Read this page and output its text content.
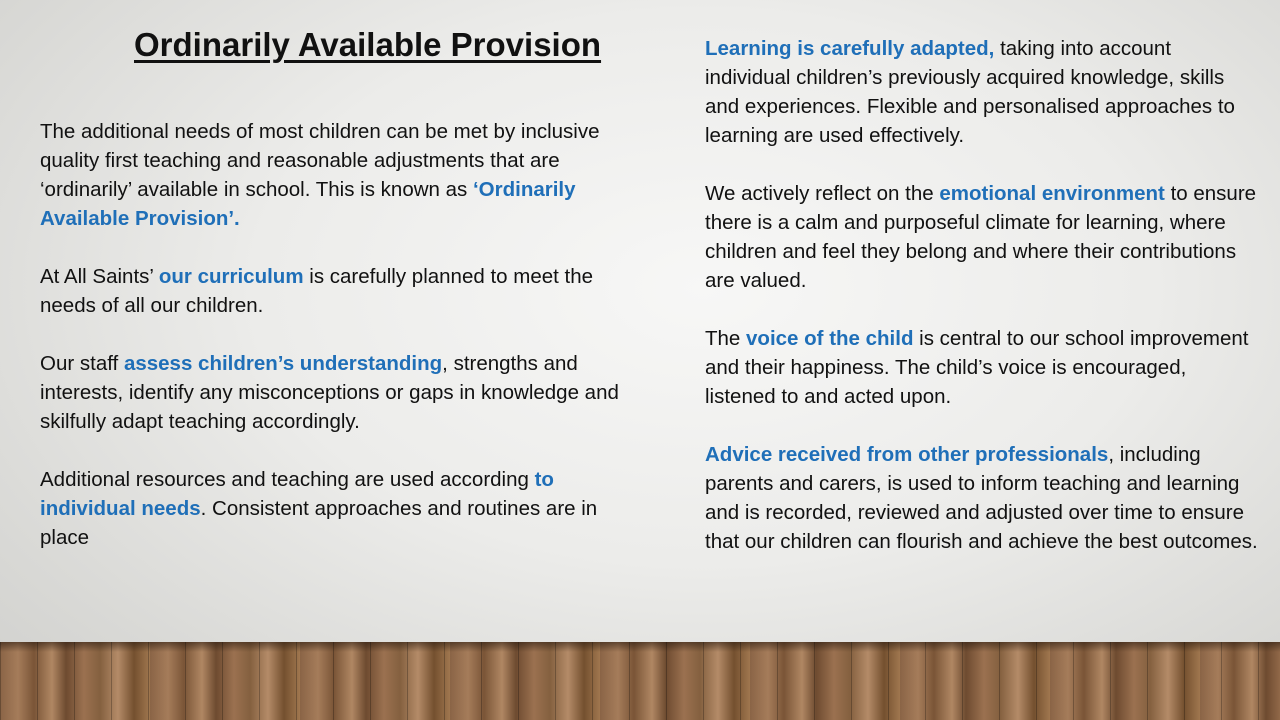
Ordinarily Available Provision

The additional needs of most children can be met by inclusive quality first teaching and reasonable adjustments that are ‘ordinarily’ available in school. This is known as ‘Ordinarily Available Provision’.

At All Saints’ our curriculum is carefully planned to meet the needs of all our children.

Our staff assess children’s understanding, strengths and interests, identify any misconceptions or gaps in knowledge and skilfully adapt teaching accordingly.

Additional resources and teaching are used according to individual needs. Consistent approaches and routines are in place

Learning is carefully adapted, taking into account individual children’s previously acquired knowledge, skills and experiences. Flexible and personalised approaches to learning are used effectively.

We actively reflect on the emotional environment to ensure there is a calm and purposeful climate for learning, where children and feel they belong and where their contributions are valued.

The voice of the child is central to our school improvement and their happiness. The child’s voice is encouraged, listened to and acted upon.

Advice received from other professionals, including parents and carers, is used to inform teaching and learning and is recorded, reviewed and adjusted over time to ensure that our children can flourish and achieve the best outcomes.
